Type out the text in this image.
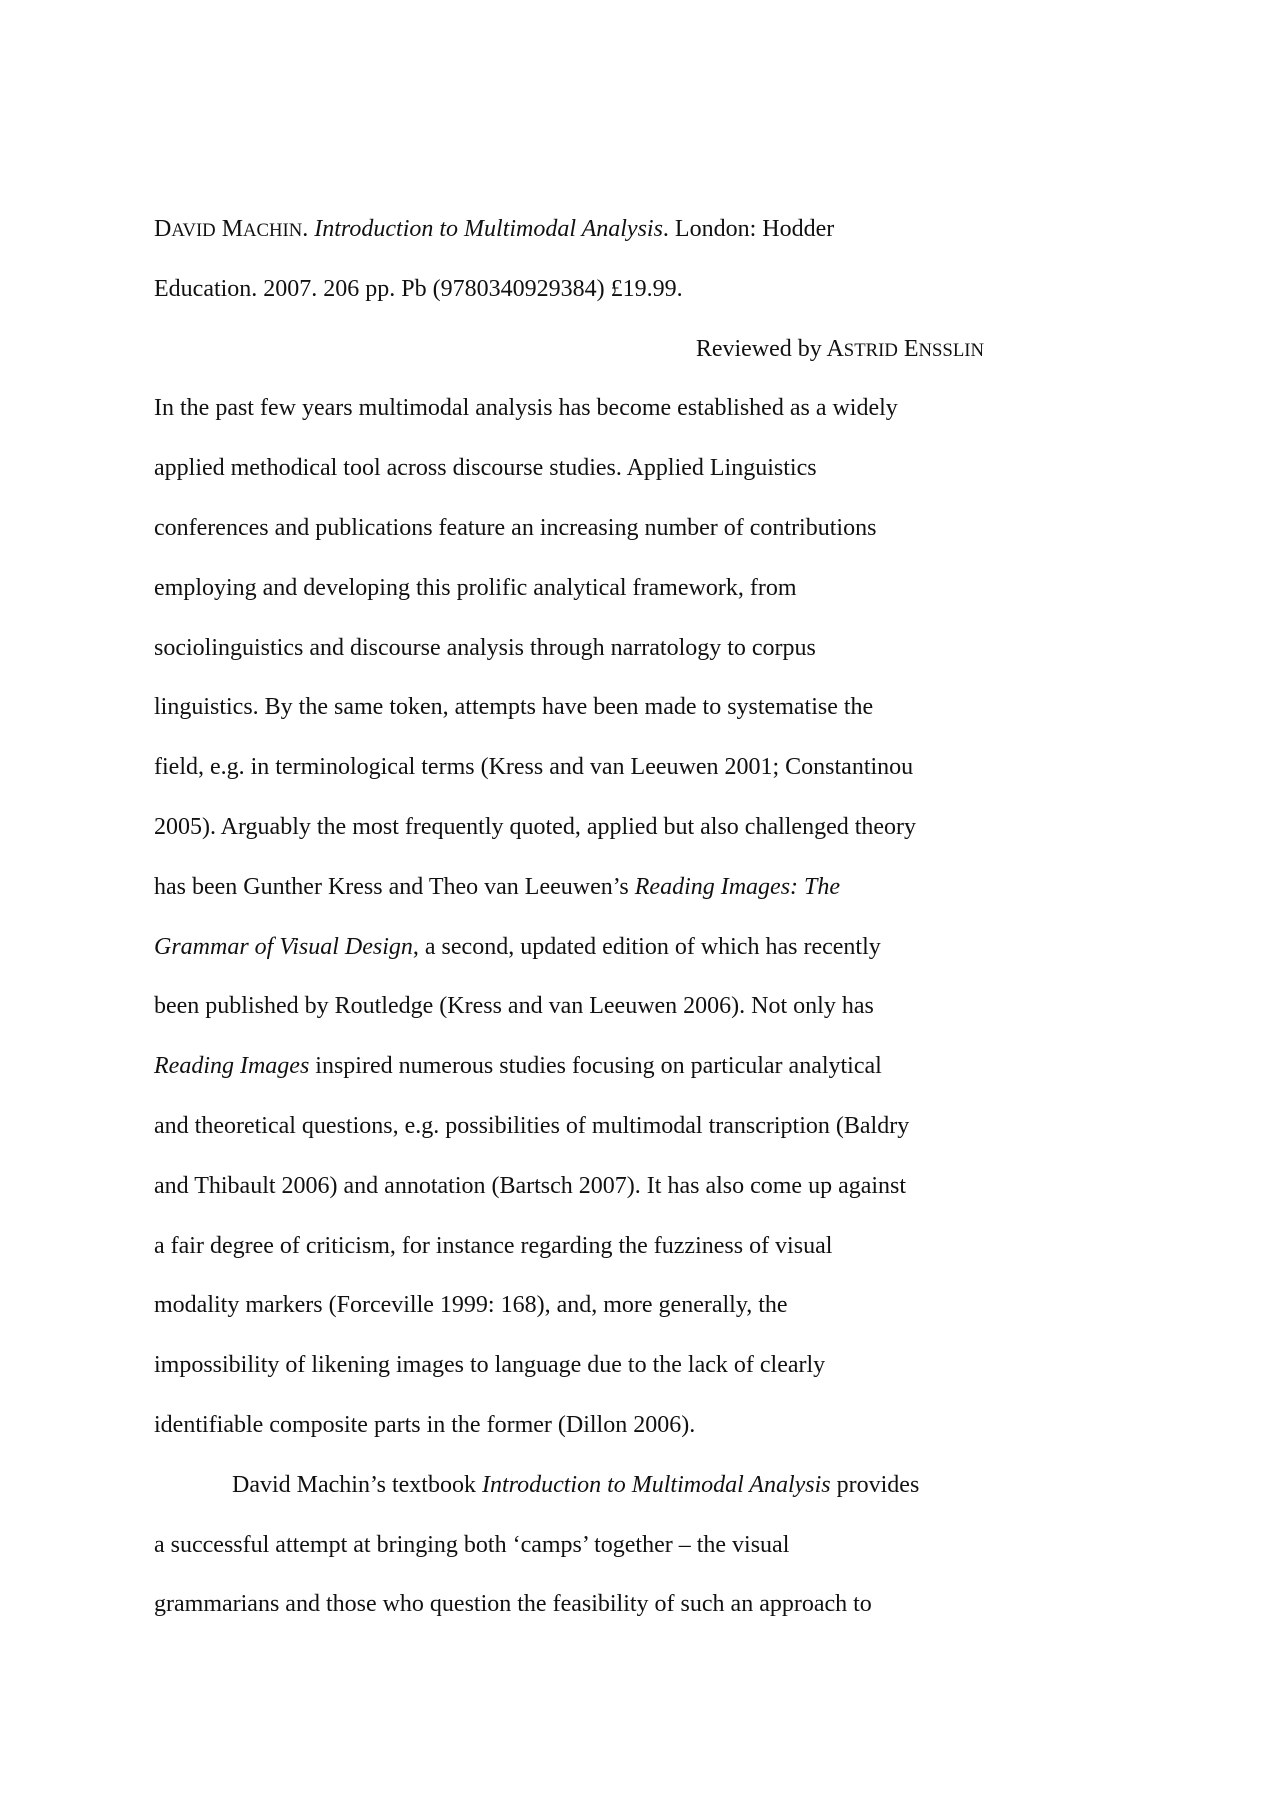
DAVID MACHIN. Introduction to Multimodal Analysis. London: Hodder
Education. 2007. 206 pp. Pb (9780340929384) £19.99.
Reviewed by ASTRID ENSSLIN
In the past few years multimodal analysis has become established as a widely
applied methodical tool across discourse studies. Applied Linguistics
conferences and publications feature an increasing number of contributions
employing and developing this prolific analytical framework, from
sociolinguistics and discourse analysis through narratology to corpus
linguistics. By the same token, attempts have been made to systematise the
field, e.g. in terminological terms (Kress and van Leeuwen 2001; Constantinou
2005). Arguably the most frequently quoted, applied but also challenged theory
has been Gunther Kress and Theo van Leeuwen’s Reading Images: The
Grammar of Visual Design, a second, updated edition of which has recently
been published by Routledge (Kress and van Leeuwen 2006). Not only has
Reading Images inspired numerous studies focusing on particular analytical
and theoretical questions, e.g. possibilities of multimodal transcription (Baldry
and Thibault 2006) and annotation (Bartsch 2007). It has also come up against
a fair degree of criticism, for instance regarding the fuzziness of visual
modality markers (Forceville 1999: 168), and, more generally, the
impossibility of likening images to language due to the lack of clearly
identifiable composite parts in the former (Dillon 2006).
David Machin’s textbook Introduction to Multimodal Analysis provides
a successful attempt at bringing both ‘camps’ together – the visual
grammarians and those who question the feasibility of such an approach to
